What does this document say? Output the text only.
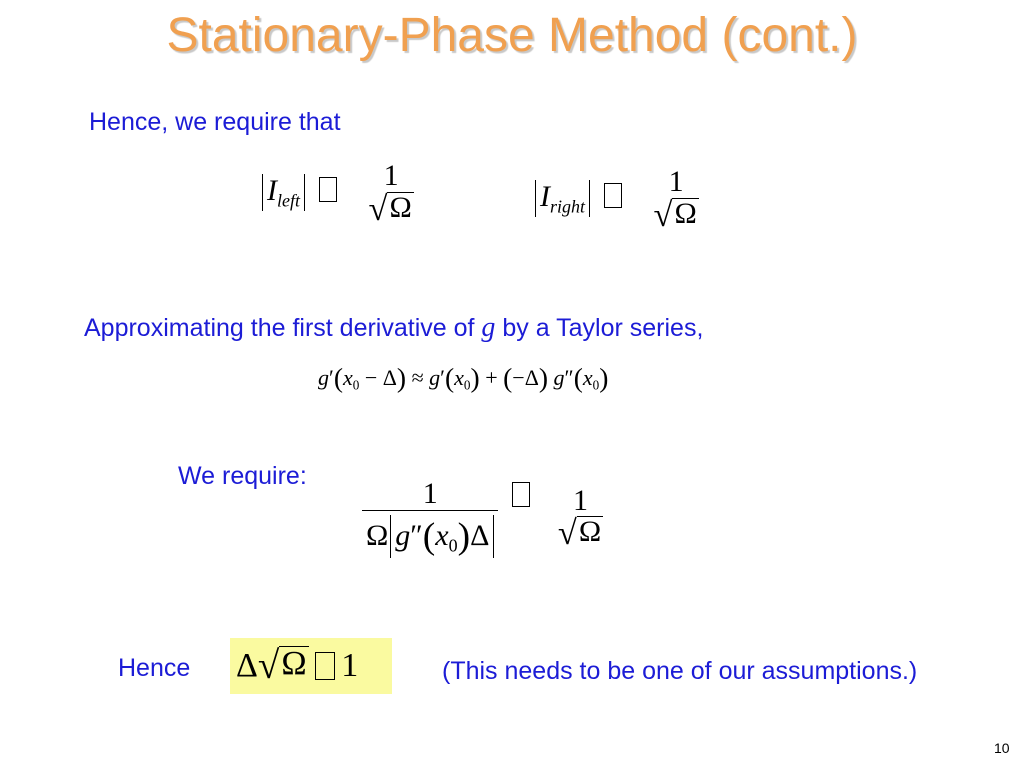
Stationary-Phase Method (cont.)
Hence, we require that
$I_{left}$
1
√ Ω	$I_{right}$
1
√ Ω
Approximating the first derivative of g by a Taylor series,
$g'(x_0 - \Delta) \approx g'(x_0) + (-\Delta)$ $g''(x_0)$
We require:
$\frac{1}{\Omega g''(x_0)\Delta}$
1
√ Ω
Hence Δ √ Ω 1	(This needs to be one of our assumptions.)
10
